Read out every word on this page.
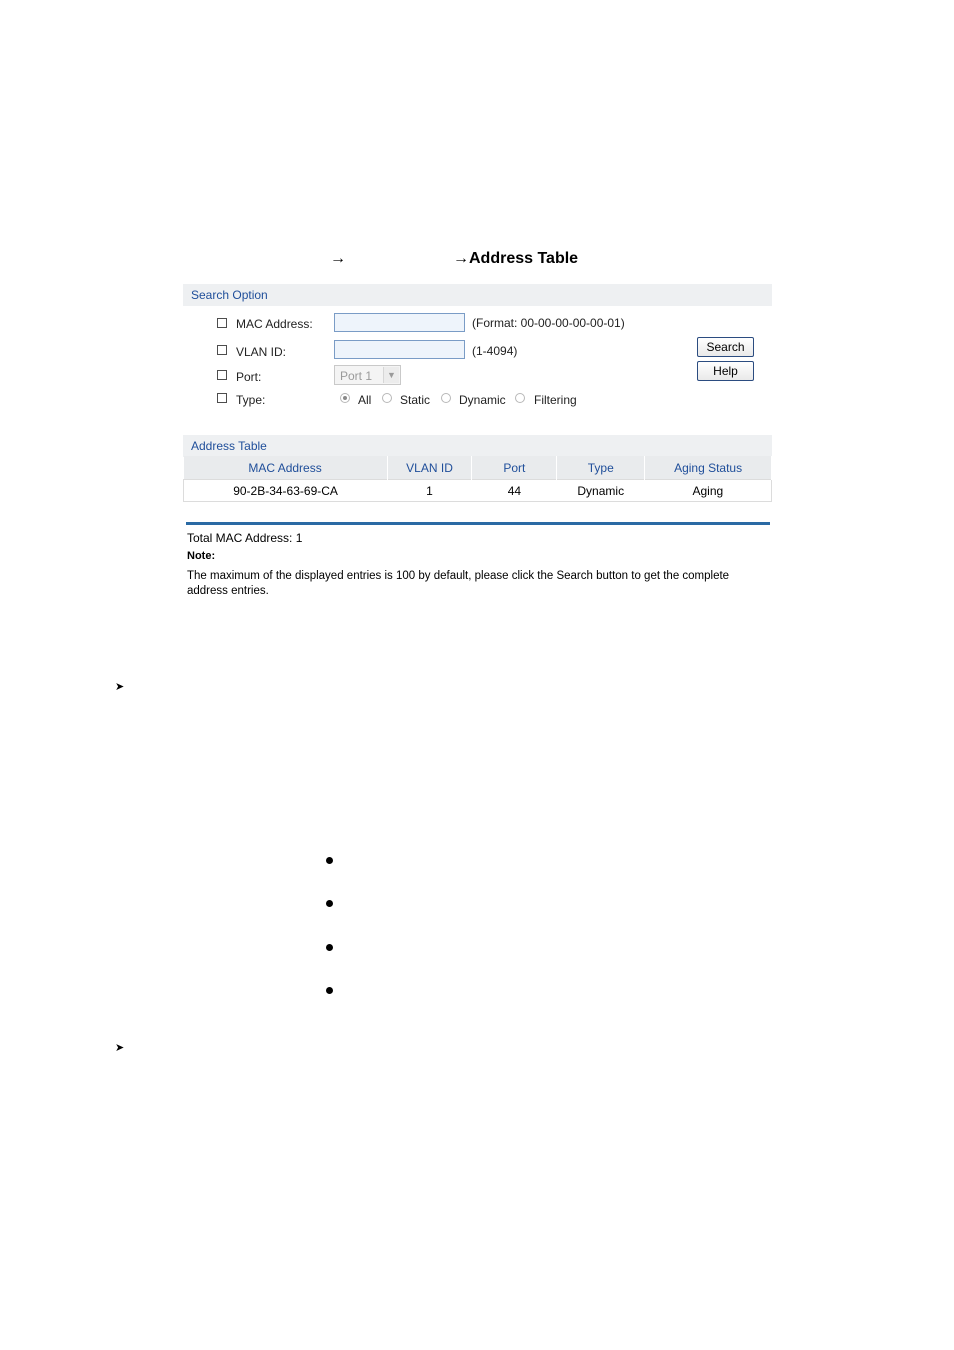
→	→Address Table
Search Option
MAC Address:	(Format: 00-00-00-00-00-01)
VLAN ID:	(1-4094)
Port:	Port 1	▼
Type:	All Static Dynamic Filtering
Search
Help
Address Table
MAC Address	VLAN ID	Port	Type	Aging Status
90-2B-34-63-69-CA	1	44	Dynamic	Aging
Total MAC Address: 1
Note:
The maximum of the displayed entries is 100 by default, please click the Search button to get the complete
address entries.
➤
➤
